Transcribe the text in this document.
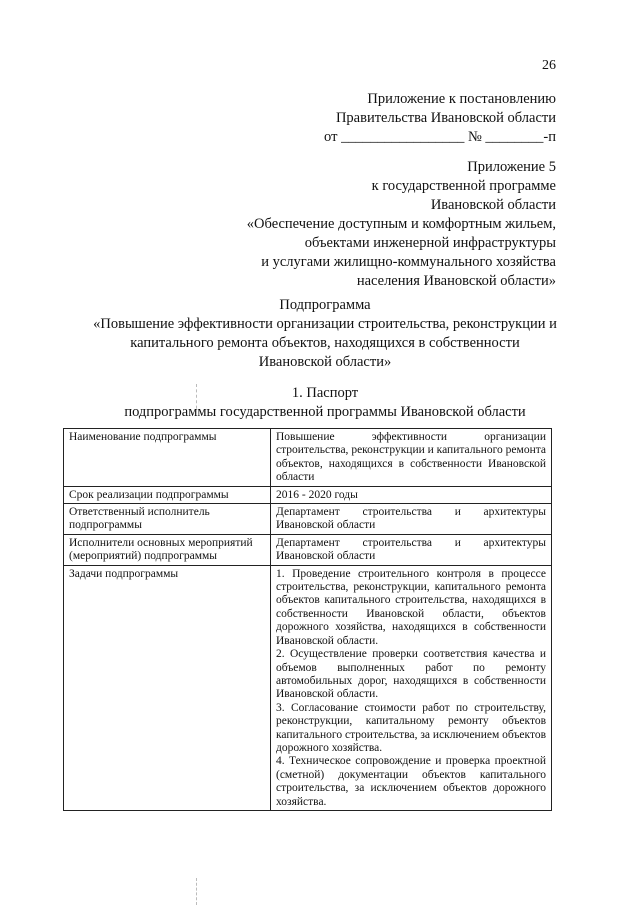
26
Приложение к постановлению
Правительства Ивановской области
от _________________ № ________-п
Приложение 5
к государственной программе
Ивановской области
«Обеспечение доступным и комфортным жильем,
объектами инженерной инфраструктуры
и услугами жилищно-коммунального хозяйства
населения Ивановской области»
Подпрограмма
«Повышение эффективности организации строительства, реконструкции и
капитального ремонта объектов, находящихся в собственности
Ивановской области»
1. Паспорт
подпрограммы государственной программы Ивановской области
Наименование подпрограммы	Повышение эффективности организации строительства, реконструкции и капитального ремонта объектов, находящихся в собственности Ивановской области
Срок реализации подпрограммы	2016 - 2020 годы
Ответственный исполнитель подпрограммы	Департамент строительства и архитектуры Ивановской области
Исполнители основных мероприятий (мероприятий) подпрограммы	Департамент строительства и архитектуры Ивановской области
Задачи подпрограммы	1. Проведение строительного контроля в процессе строительства, реконструкции, капитального ремонта объектов капитального строительства, находящихся в собственности Ивановской области, объектов дорожного хозяйства, находящихся в собственности Ивановской области.
2. Осуществление проверки соответствия качества и объемов выполненных работ по ремонту автомобильных дорог, находящихся в собственности Ивановской области.
3. Согласование стоимости работ по строительству, реконструкции, капитальному ремонту объектов капитального строительства, за исключением объектов дорожного хозяйства.
4. Техническое сопровождение и проверка проектной (сметной) документации объектов капитального строительства, за исключением объектов дорожного хозяйства.
